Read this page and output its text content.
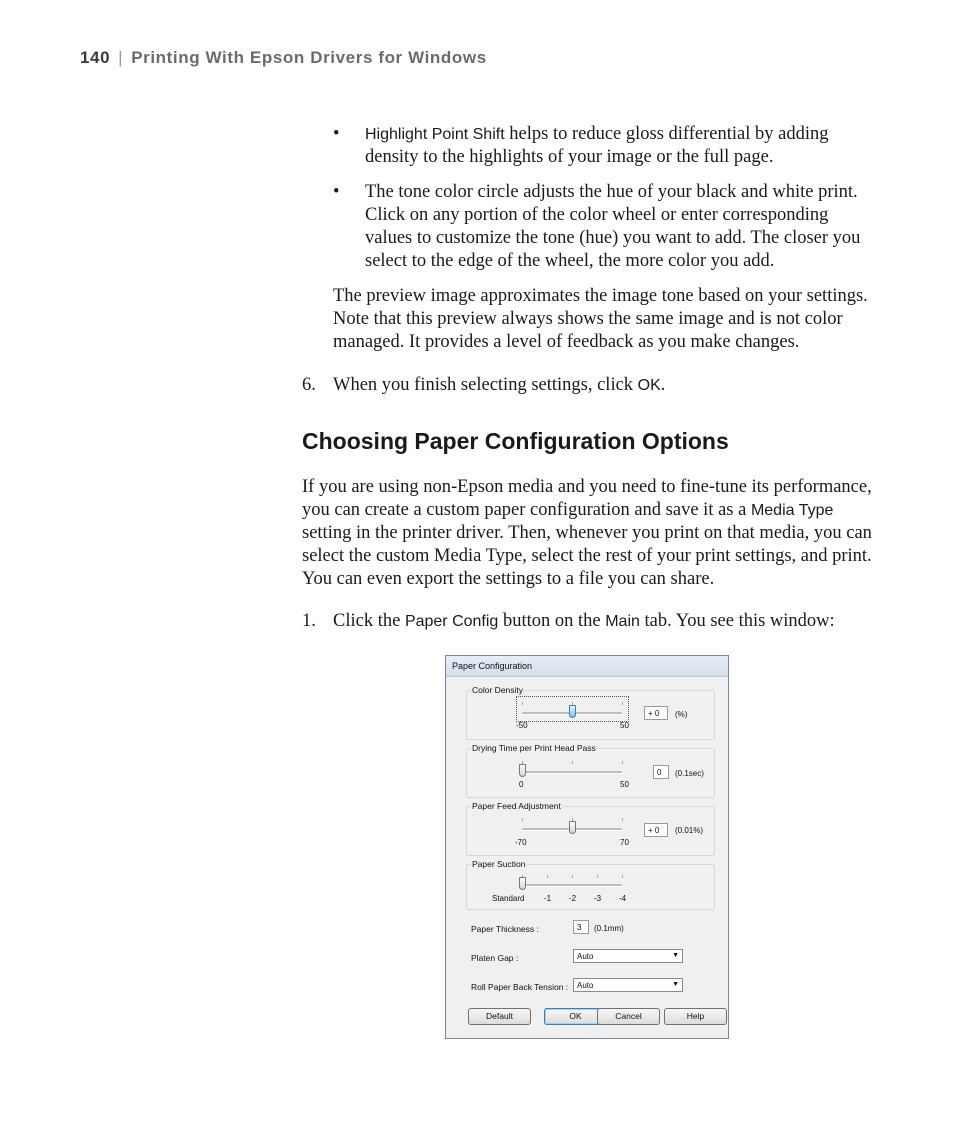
140 | Printing With Epson Drivers for Windows
• Highlight Point Shift helps to reduce gloss differential by adding density to the highlights of your image or the full page.
• The tone color circle adjusts the hue of your black and white print. Click on any portion of the color wheel or enter corresponding values to customize the tone (hue) you want to add. The closer you select to the edge of the wheel, the more color you add.
The preview image approximates the image tone based on your settings. Note that this preview always shows the same image and is not color managed. It provides a level of feedback as you make changes.
6. When you finish selecting settings, click OK.
Choosing Paper Configuration Options
If you are using non-Epson media and you need to fine-tune its performance, you can create a custom paper configuration and save it as a Media Type setting in the printer driver. Then, whenever you print on that media, you can select the custom Media Type, select the rest of your print settings, and print. You can even export the settings to a file you can share.
1. Click the Paper Config button on the Main tab. You see this window:
Paper Configuration
Color Density
-50	50
+ 0	(%)
Drying Time per Print Head Pass
0	50
0	(0.1sec)
Paper Feed Adjustment
-70	70
+ 0	(0.01%)
Paper Suction
Standard -1 -2 -3 -4
Paper Thickness :	3	(0.1mm)
Platen Gap :	Auto	▼
Roll Paper Back Tension :	Auto	▼
Default	OK	Cancel	Help
